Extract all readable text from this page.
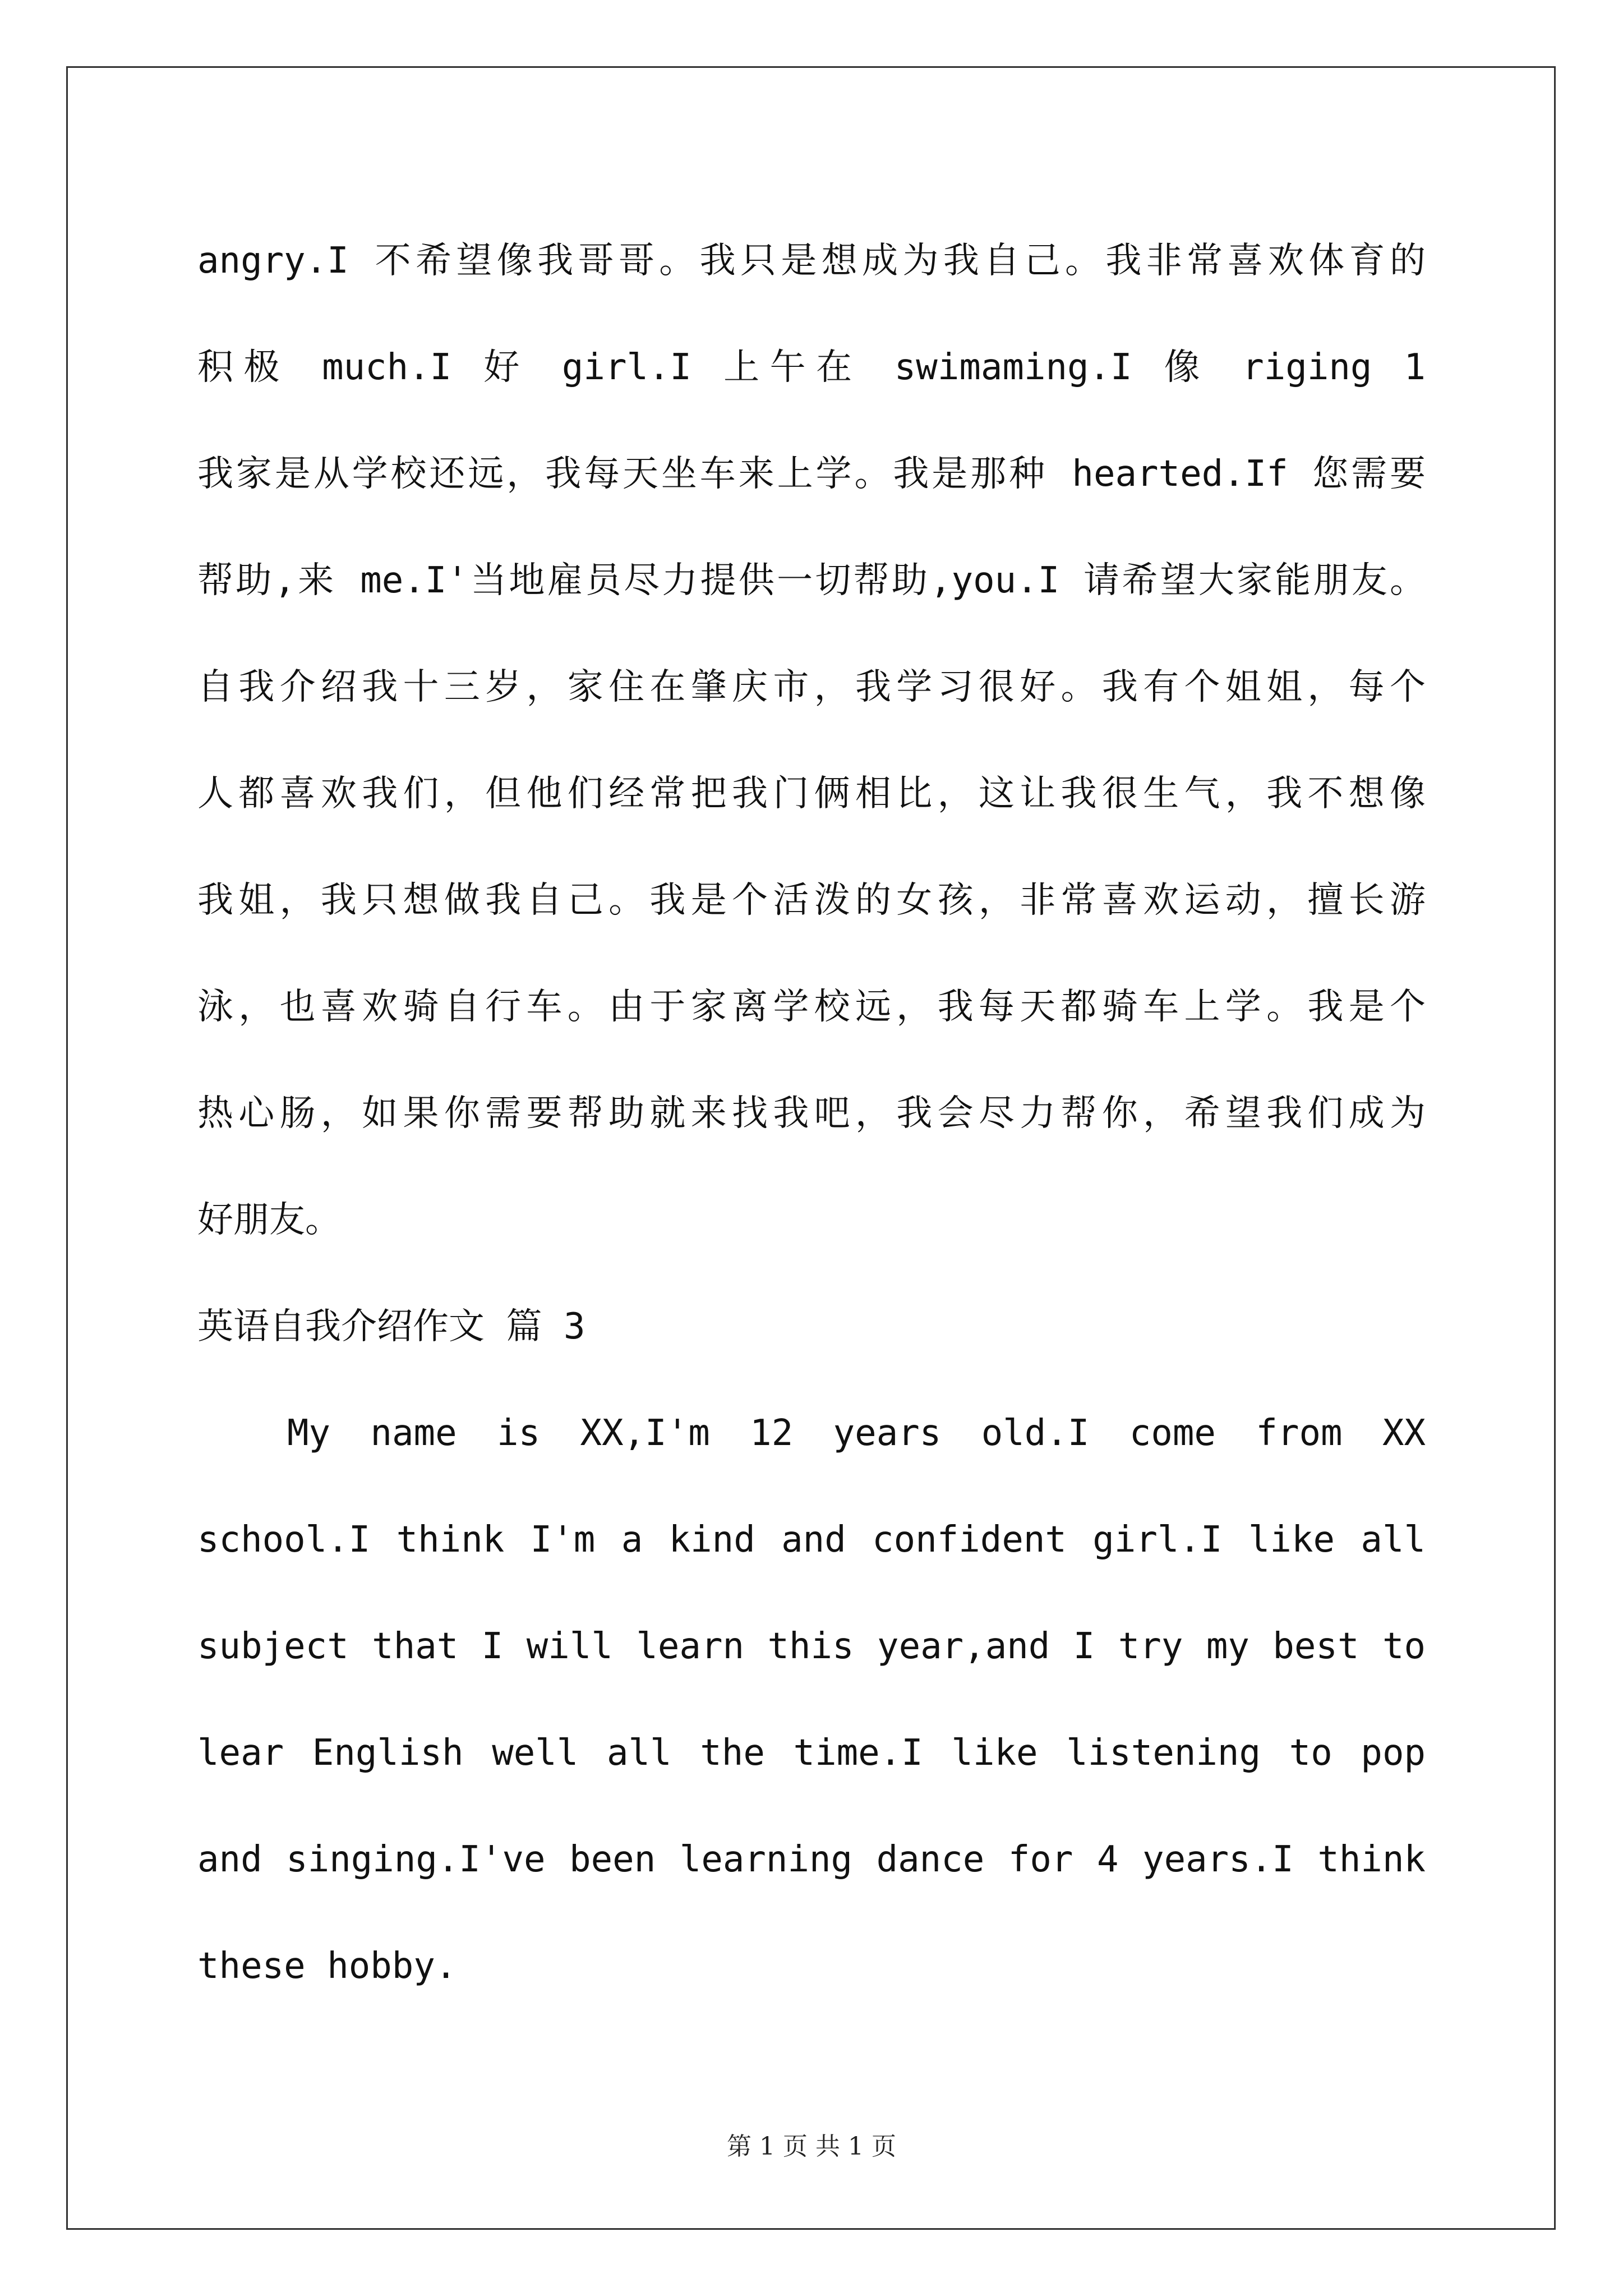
angry.I 不希望像我哥哥。我只是想成为我自己。我非常喜欢体育的
积极 much.I 好 girl.I 上午在 swimaming.I 像 riging 1
我家是从学校还远，我每天坐车来上学。我是那种 hearted.If 您需要
帮助,来 me.I'当地雇员尽力提供一切帮助,you.I 请希望大家能朋友。
自我介绍我十三岁，家住在肇庆市，我学习很好。我有个姐姐，每个
人都喜欢我们，但他们经常把我门俩相比，这让我很生气，我不想像
我姐，我只想做我自己。我是个活泼的女孩，非常喜欢运动，擅长游
泳，也喜欢骑自行车。由于家离学校远，我每天都骑车上学。我是个
热心肠，如果你需要帮助就来找我吧，我会尽力帮你，希望我们成为
好朋友。
英语自我介绍作文 篇 3
My name is XX,I'm 12 years old.I come from XX
school.I think I'm a kind and confident girl.I like all
subject that I will learn this year,and I try my best to
lear English well all the time.I like listening to pop
and singing.I've been learning dance for 4 years.I think
these hobby.
第 1 页 共 1 页
